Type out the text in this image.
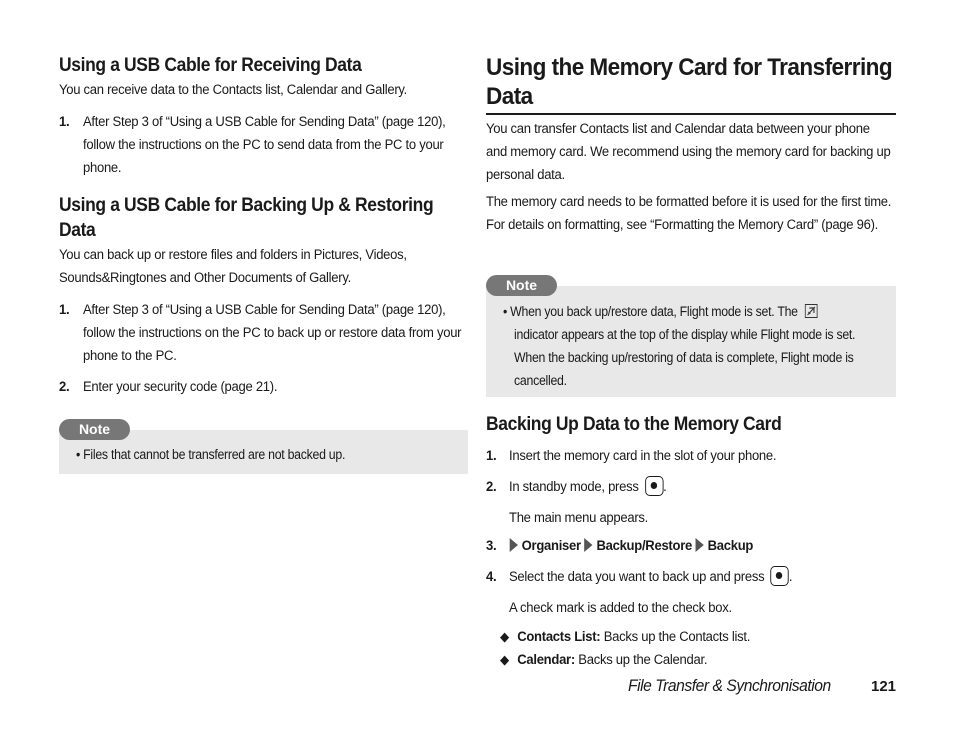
Using a USB Cable for Receiving Data
You can receive data to the Contacts list, Calendar and Gallery.
1. After Step 3 of “Using a USB Cable for Sending Data” (page 120), follow the instructions on the PC to send data from the PC to your phone.
Using a USB Cable for Backing Up & Restoring Data
You can back up or restore files and folders in Pictures, Videos, Sounds&Ringtones and Other Documents of Gallery.
1. After Step 3 of “Using a USB Cable for Sending Data” (page 120), follow the instructions on the PC to back up or restore data from your phone to the PC.
2. Enter your security code (page 21).
• Files that cannot be transferred are not backed up.
Note
Using the Memory Card for Transferring Data
You can transfer Contacts list and Calendar data between your phone and memory card. We recommend using the memory card for backing up personal data.
The memory card needs to be formatted before it is used for the first time. For details on formatting, see “Formatting the Memory Card” (page 96).
• When you back up/restore data, Flight mode is set. The  indicator appears at the top of the display while Flight mode is set. When the backing up/restoring of data is complete, Flight mode is cancelled.
Note
Backing Up Data to the Memory Card
1. Insert the memory card in the slot of your phone.
2. In standby mode, press .
The main menu appears.
3.	Organiser Backup/Restore Backup
4. Select the data you want to back up and press .
A check mark is added to the check box.
◆ Contacts List: Backs up the Contacts list.
◆ Calendar: Backs up the Calendar.
File Transfer & Synchronisation	121
